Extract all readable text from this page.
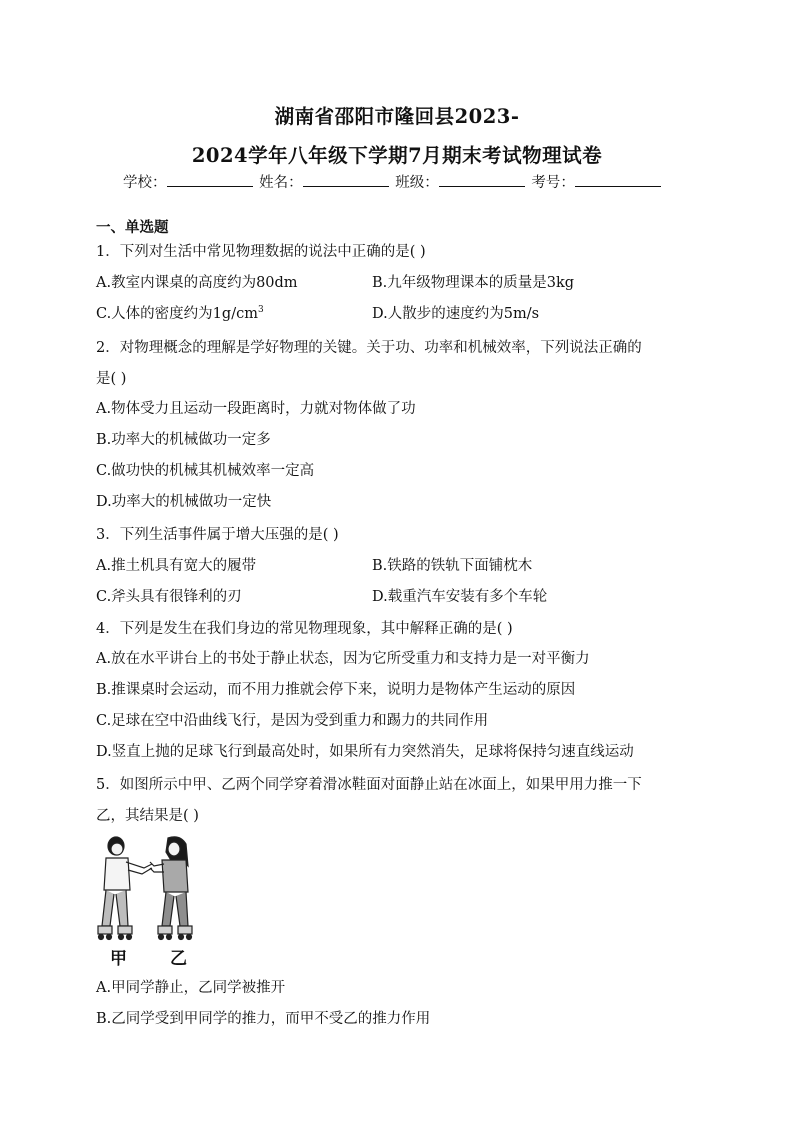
湖南省邵阳市隆回县2023-
2024学年八年级下学期7月期末考试物理试卷
学校：	姓名：	班级：	考号：
一、单选题
1．下列对生活中常见物理数据的说法中正确的是( )
A.教室内课桌的高度约为80dm	B.九年级物理课本的质量是3kg
C.人体的密度约为$1g/cm^3$	D.人散步的速度约为5m/s
2．对物理概念的理解是学好物理的关键。关于功、功率和机械效率，下列说法正确的
是( )
A.物体受力且运动一段距离时，力就对物体做了功
B.功率大的机械做功一定多
C.做功快的机械其机械效率一定高
D.功率大的机械做功一定快
3．下列生活事件属于增大压强的是( )
A.推土机具有宽大的履带	B.铁路的铁轨下面铺枕木
C.斧头具有很锋利的刃	D.载重汽车安装有多个车轮
4．下列是发生在我们身边的常见物理现象，其中解释正确的是( )
A.放在水平讲台上的书处于静止状态，因为它所受重力和支持力是一对平衡力
B.推课桌时会运动，而不用力推就会停下来，说明力是物体产生运动的原因
C.足球在空中沿曲线飞行，是因为受到重力和踢力的共同作用
D.竖直上抛的足球飞行到最高处时，如果所有力突然消失，足球将保持匀速直线运动
5．如图所示中甲、乙两个同学穿着滑冰鞋面对面静止站在冰面上，如果甲用力推一下
乙，其结果是( )
甲	乙
A.甲同学静止，乙同学被推开
B.乙同学受到甲同学的推力，而甲不受乙的推力作用
